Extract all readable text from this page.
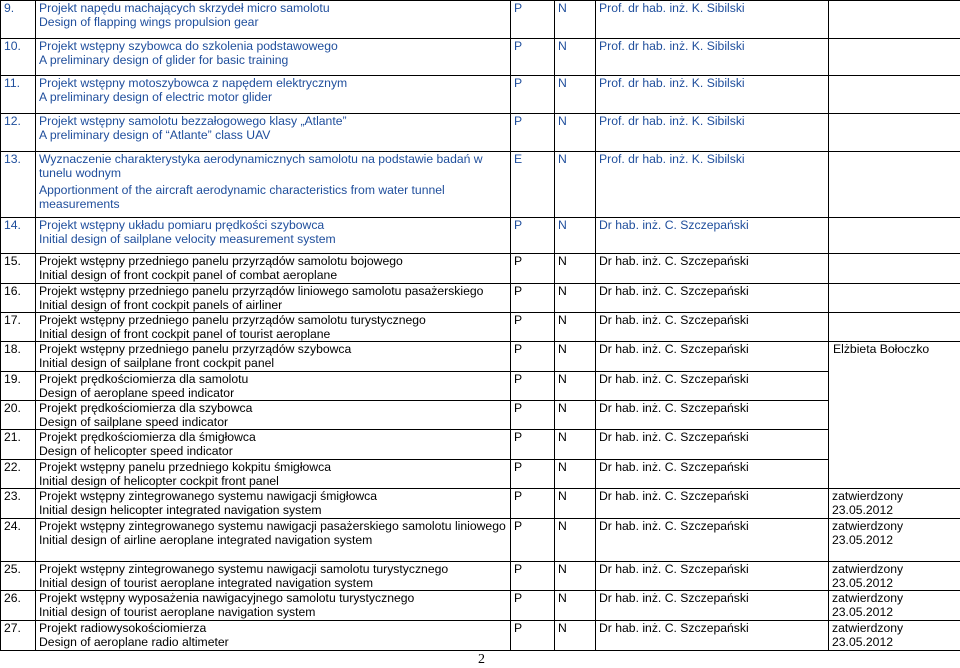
9.	Projekt napędu machających skrzydeł micro samolotu
Design of flapping wings propulsion gear	P	N	Prof. dr hab. inż. K. Sibilski	
10.	Projekt wstępny szybowca do szkolenia podstawowego
A preliminary design of glider for basic training	P	N	Prof. dr hab. inż. K. Sibilski	
11.	Projekt wstępny motoszybowca z napędem elektrycznym
A preliminary design of electric motor glider	P	N	Prof. dr hab. inż. K. Sibilski	
12.	Projekt wstępny samolotu bezzałogowego klasy „Atlante”
A preliminary design of “Atlante” class UAV	P	N	Prof. dr hab. inż. K. Sibilski	
13.	Wyznaczenie charakterystyka aerodynamicznych samolotu na podstawie badań w tunelu wodnym
Apportionment of the aircraft aerodynamic characteristics from water tunnel measurements	E	N	Prof. dr hab. inż. K. Sibilski	
14.	Projekt wstępny układu pomiaru prędkości szybowca
Initial design of sailplane velocity measurement system	P	N	Dr hab. inż. C. Szczepański	
15.	Projekt wstępny przedniego panelu przyrządów samolotu bojowego
Initial design of front cockpit panel of combat aeroplane	P	N	Dr hab. inż. C. Szczepański	
16.	Projekt wstępny przedniego panelu przyrządów liniowego samolotu pasażerskiego
Initial design of front cockpit panels of airliner	P	N	Dr hab. inż. C. Szczepański	
17.	Projekt wstępny przedniego panelu przyrządów samolotu turystycznego
Initial design of front cockpit panel of tourist aeroplane	P	N	Dr hab. inż. C. Szczepański	
18.	Projekt wstępny przedniego panelu przyrządów szybowca
Initial design of sailplane front cockpit panel	P	N	Dr hab. inż. C. Szczepański	Elżbieta Bołoczko
19.	Projekt prędkościomierza dla samolotu
Design of aeroplane speed indicator	P	N	Dr hab. inż. C. Szczepański	
20.	Projekt prędkościomierza dla szybowca
Design of sailplane speed indicator	P	N	Dr hab. inż. C. Szczepański	
21.	Projekt prędkościomierza dla śmigłowca
Design of helicopter speed indicator	P	N	Dr hab. inż. C. Szczepański	
22.	Projekt wstępny panelu przedniego kokpitu śmigłowca
Initial design of helicopter cockpit front panel	P	N	Dr hab. inż. C. Szczepański	
23.	Projekt wstępny zintegrowanego systemu nawigacji śmigłowca
Initial design helicopter integrated navigation system	P	N	Dr hab. inż. C. Szczepański	zatwierdzony
23.05.2012

24.	Projekt wstępny zintegrowanego systemu nawigacji pasażerskiego samolotu liniowego
Initial design of airline aeroplane integrated navigation system	P	N	Dr hab. inż. C. Szczepański	zatwierdzony
23.05.2012

25.	Projekt wstępny zintegrowanego systemu nawigacji samolotu turystycznego
Initial design of tourist aeroplane integrated navigation system	P	N	Dr hab. inż. C. Szczepański	zatwierdzony
23.05.2012

26.	Projekt wstępny wyposażenia nawigacyjnego samolotu turystycznego
Initial design of tourist aeroplane navigation system	P	N	Dr hab. inż. C. Szczepański	zatwierdzony
23.05.2012

27.	Projekt radiowysokościomierza
Design of aeroplane radio altimeter	P	N	Dr hab. inż. C. Szczepański	zatwierdzony
23.05.2012
2
